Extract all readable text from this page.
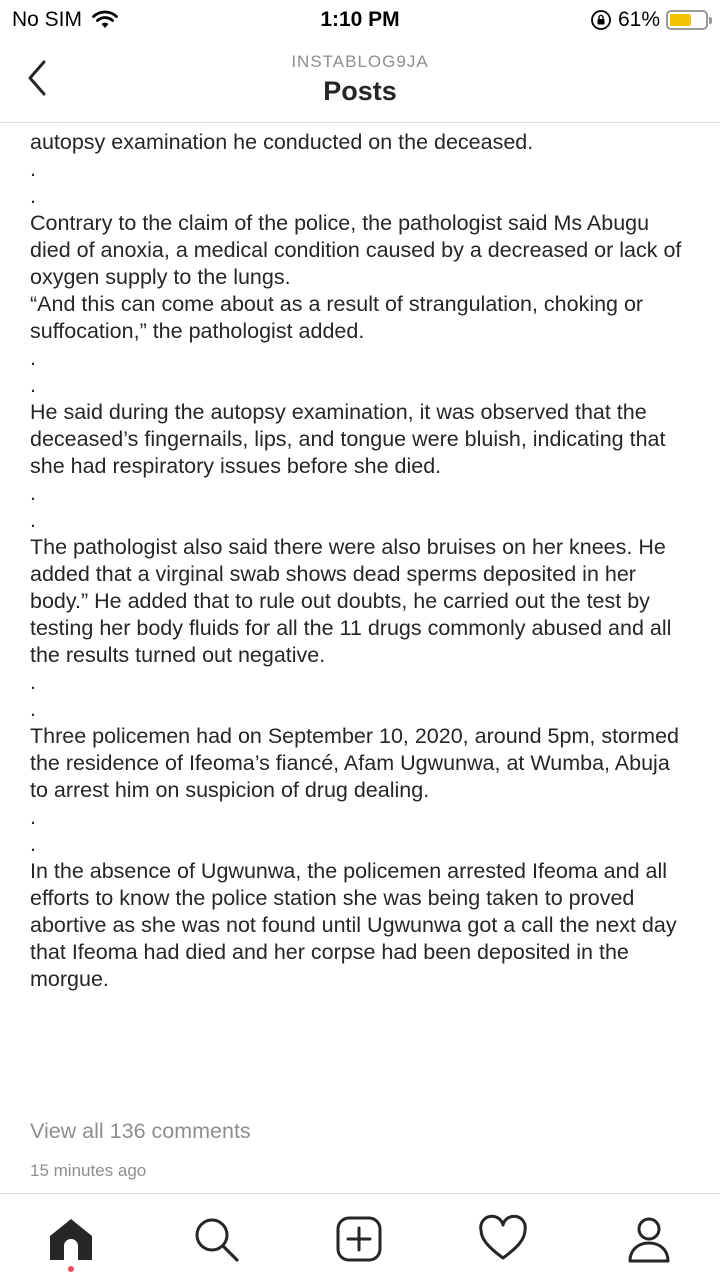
No SIM	1:10 PM	61%
INSTABLOG9JA
Posts

autopsy examination he conducted on the deceased.

.

.

Contrary to the claim of the police, the pathologist said Ms Abugu died of anoxia, a medical condition caused by a decreased or lack of oxygen supply to the lungs.

“And this can come about as a result of strangulation, choking or suffocation,” the pathologist added.

.

.

He said during the autopsy examination, it was observed that the deceased’s fingernails, lips, and tongue were bluish, indicating that she had respiratory issues before she died.

.

.

The pathologist also said there were also bruises on her knees. He added that a virginal swab shows dead sperms deposited in her body.” He added that to rule out doubts, he carried out the test by testing her body fluids for all the 11 drugs commonly abused and all the results turned out negative.

.

.

Three policemen had on September 10, 2020, around 5pm, stormed the residence of Ifeoma’s fiancé, Afam Ugwunwa, at Wumba, Abuja to arrest him on suspicion of drug dealing.

.

.

In the absence of Ugwunwa, the policemen arrested Ifeoma and all efforts to know the police station she was being taken to proved abortive as she was not found until Ugwunwa got a call the next day that Ifeoma had died and her corpse had been deposited in the morgue.

View all 136 comments
15 minutes ago
